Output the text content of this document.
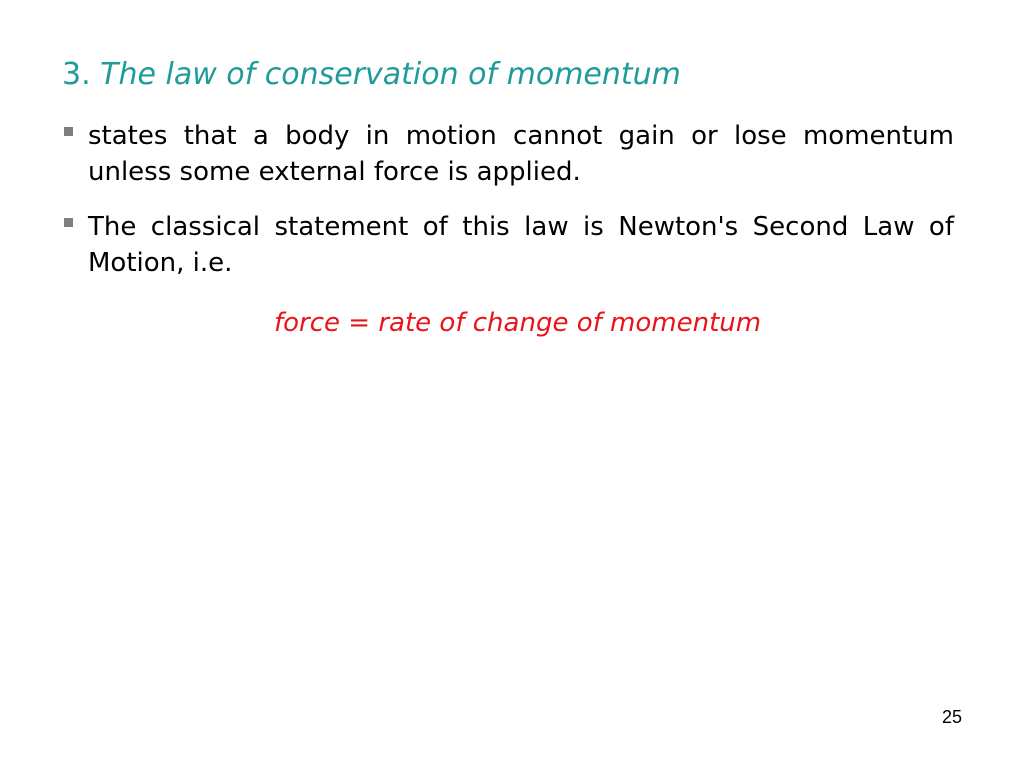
3. The law of conservation of momentum
states that a body in motion cannot gain or lose momentum unless some external force is applied.
The classical statement of this law is Newton's Second Law of Motion, i.e.
force = rate of change of momentum
25
